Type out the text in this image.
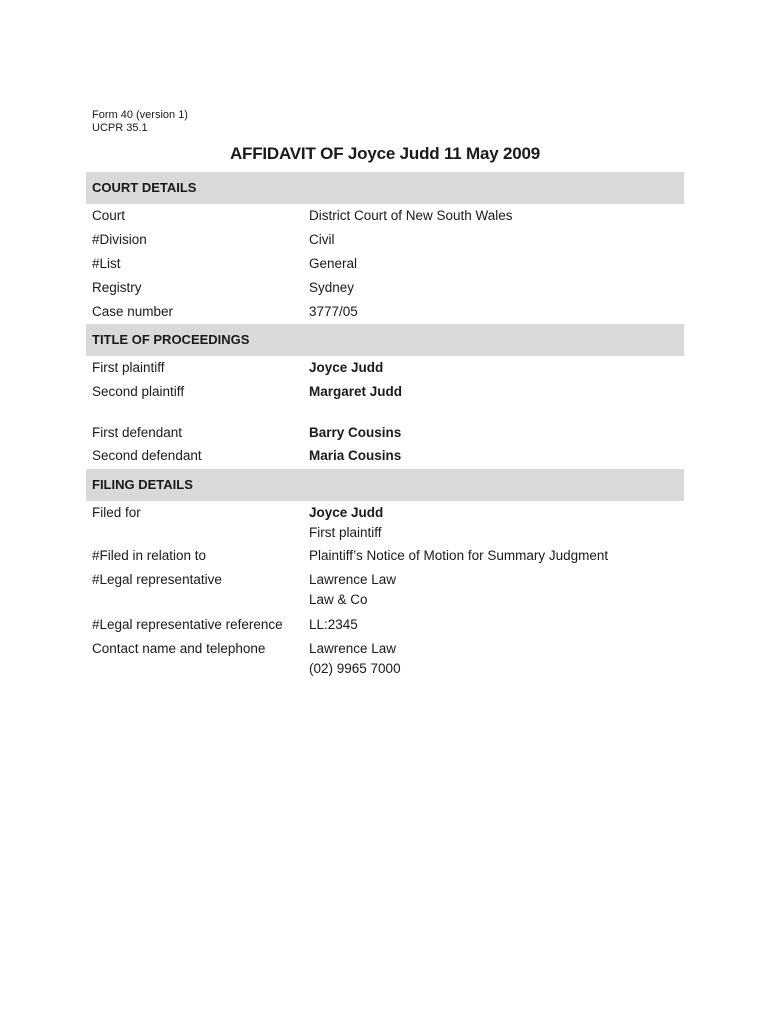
Form 40 (version 1)
UCPR 35.1
AFFIDAVIT OF Joyce Judd 11 May 2009
COURT DETAILS
Court	District Court of New South Wales
#Division	Civil
#List	General
Registry	Sydney
Case number	3777/05
TITLE OF PROCEEDINGS
First plaintiff	Joyce Judd
Second plaintiff	Margaret Judd
First defendant	Barry Cousins
Second defendant	Maria Cousins
FILING DETAILS
Filed for	Joyce Judd
First plaintiff
#Filed in relation to	Plaintiff’s Notice of Motion for Summary Judgment
#Legal representative	Lawrence Law
Law & Co
#Legal representative reference LL:2345
Contact name and telephone	Lawrence Law
(02) 9965 7000
